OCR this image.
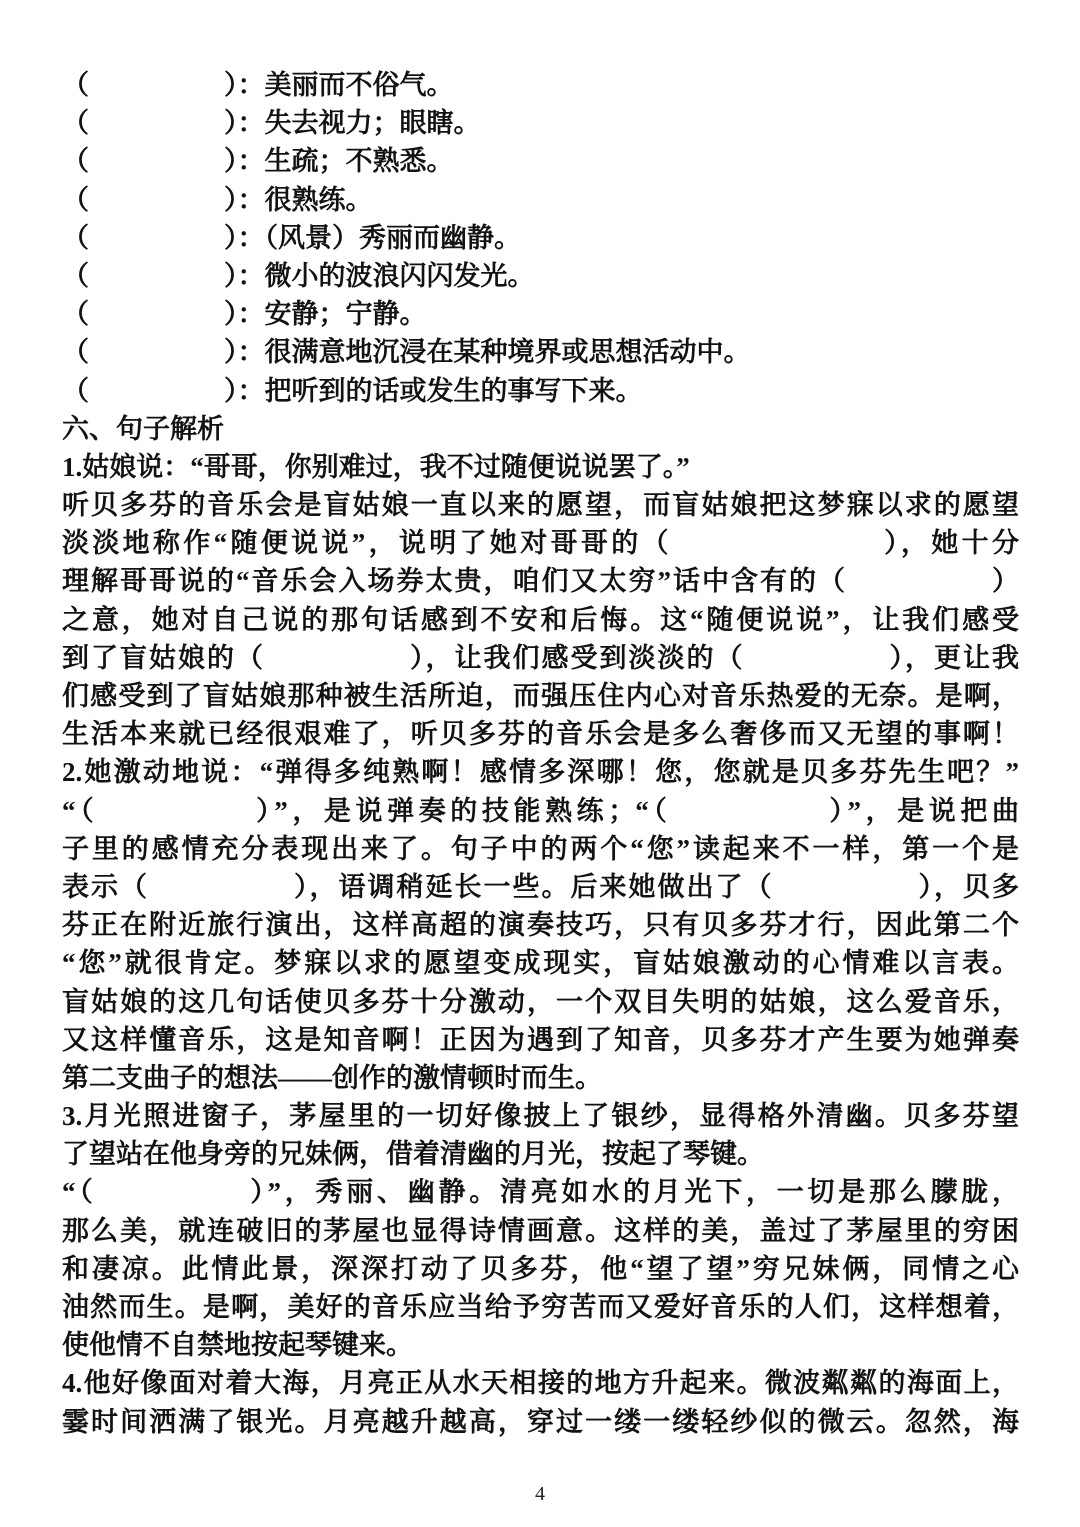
（　　　　　）：美丽而不俗气。
（　　　　　）：失去视力；眼瞎。
（　　　　　）：生疏；不熟悉。
（　　　　　）：很熟练。
（　　　　　）：（风景）秀丽而幽静。
（　　　　　）：微小的波浪闪闪发光。
（　　　　　）：安静；宁静。
（　　　　　）：很满意地沉浸在某种境界或思想活动中。
（　　　　　）：把听到的话或发生的事写下来。
六、句子解析
1.姑娘说：“哥哥，你别难过，我不过随便说说罢了。”
听贝多芬的音乐会是盲姑娘一直以来的愿望，而盲姑娘把这梦寐以求的愿望
淡淡地称作“随便说说”，说明了她对哥哥的（　　　　　　　），她十分
理解哥哥说的“音乐会入场券太贵，咱们又太穷”话中含有的（　　　　　）
之意，她对自己说的那句话感到不安和后悔。这“随便说说”，让我们感受
到了盲姑娘的（　　　　　），让我们感受到淡淡的（　　　　　），更让我
们感受到了盲姑娘那种被生活所迫，而强压住内心对音乐热爱的无奈。是啊，
生活本来就已经很艰难了，听贝多芬的音乐会是多么奢侈而又无望的事啊！
2.她激动地说：“弹得多纯熟啊！感情多深哪！您，您就是贝多芬先生吧？”
“（　　　　　）”，是说弹奏的技能熟练；“（　　　　　）”，是说把曲
子里的感情充分表现出来了。句子中的两个“您”读起来不一样，第一个是
表示（　　　　　），语调稍延长一些。后来她做出了（　　　　　），贝多
芬正在附近旅行演出，这样高超的演奏技巧，只有贝多芬才行，因此第二个
“您”就很肯定。梦寐以求的愿望变成现实，盲姑娘激动的心情难以言表。
盲姑娘的这几句话使贝多芬十分激动，一个双目失明的姑娘，这么爱音乐，
又这样懂音乐，这是知音啊！正因为遇到了知音，贝多芬才产生要为她弹奏
第二支曲子的想法——创作的激情顿时而生。
3.月光照进窗子，茅屋里的一切好像披上了银纱，显得格外清幽。贝多芬望
了望站在他身旁的兄妹俩，借着清幽的月光，按起了琴键。
“（　　　　　）”，秀丽、幽静。清亮如水的月光下，一切是那么朦胧，
那么美，就连破旧的茅屋也显得诗情画意。这样的美，盖过了茅屋里的穷困
和凄凉。此情此景，深深打动了贝多芬，他“望了望”穷兄妹俩，同情之心
油然而生。是啊，美好的音乐应当给予穷苦而又爱好音乐的人们，这样想着，
使他情不自禁地按起琴键来。
4.他好像面对着大海，月亮正从水天相接的地方升起来。微波粼粼的海面上，
霎时间洒满了银光。月亮越升越高，穿过一缕一缕轻纱似的微云。忽然，海
4
